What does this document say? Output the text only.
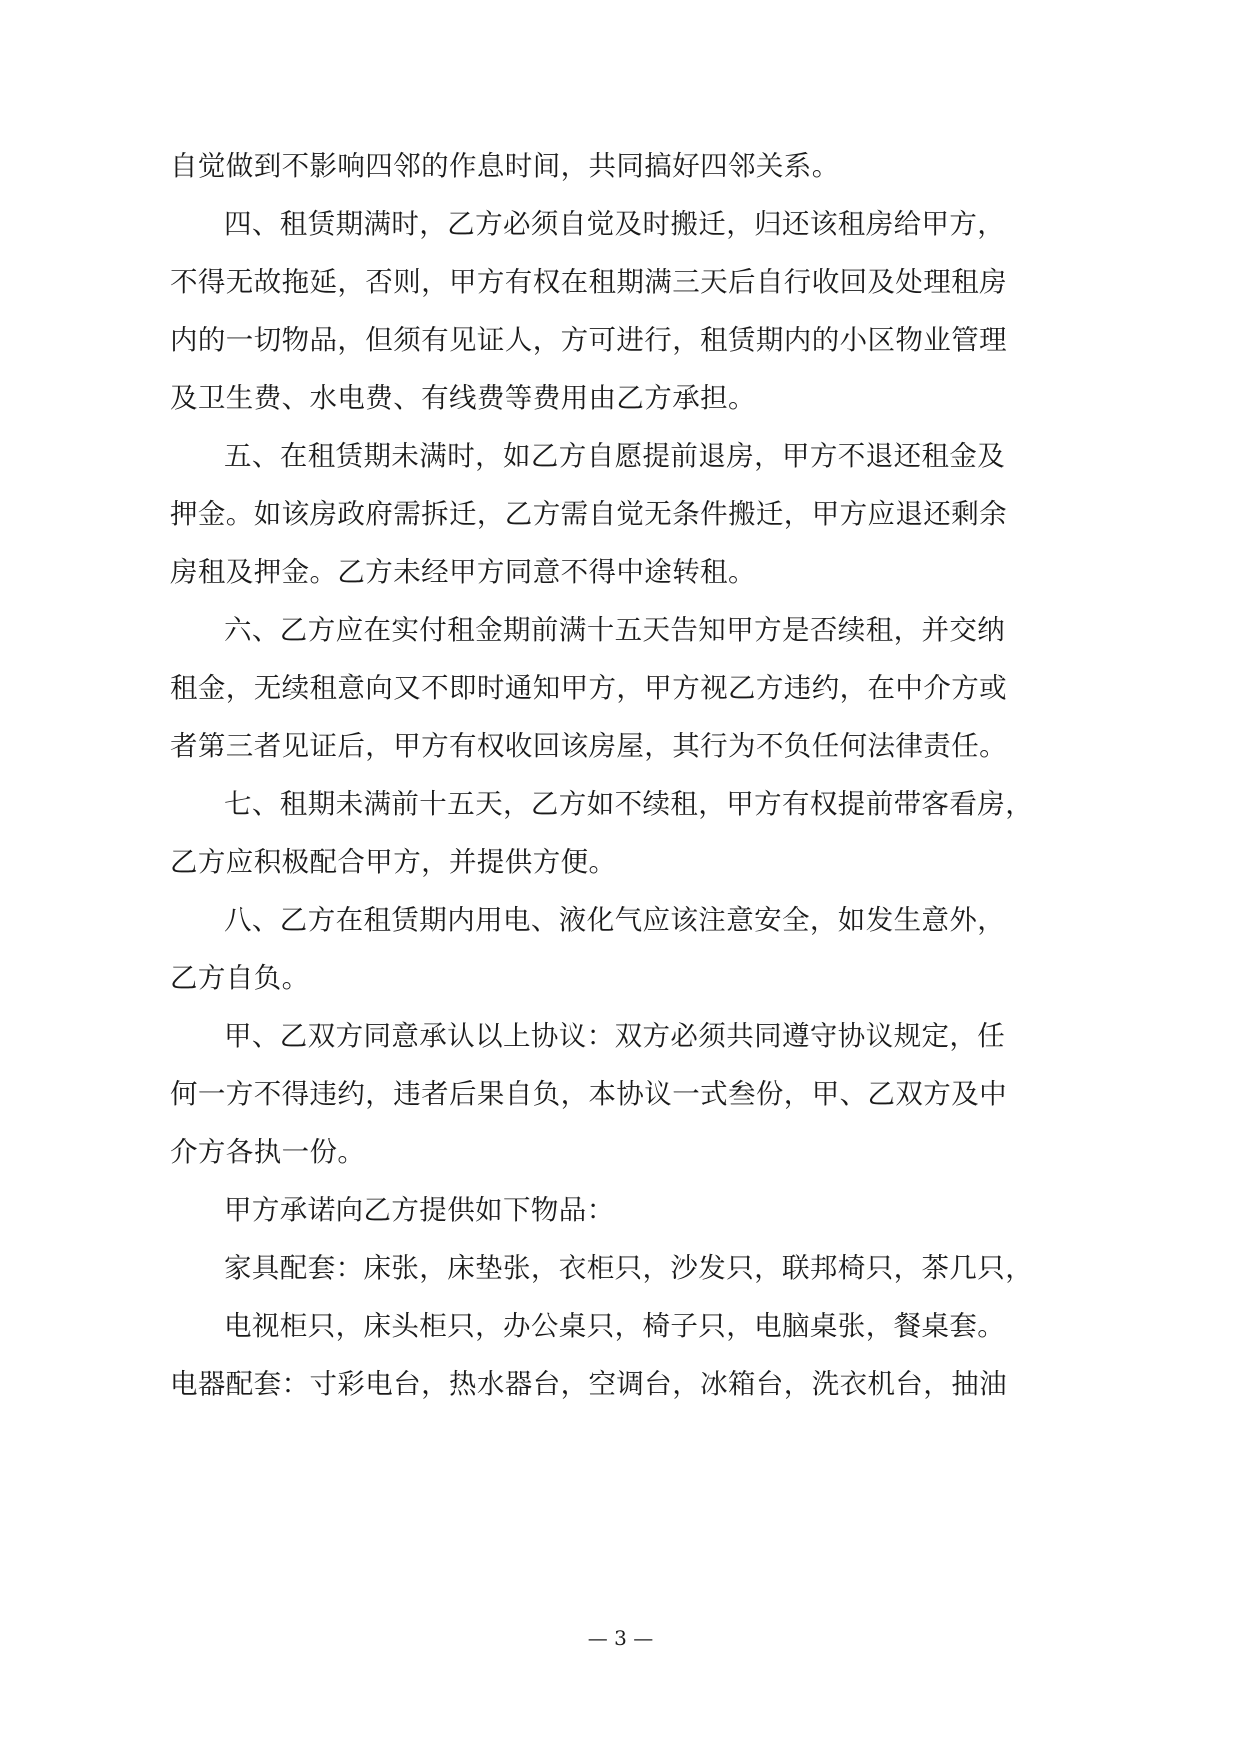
自觉做到不影响四邻的作息时间，共同搞好四邻关系。
四、租赁期满时，乙方必须自觉及时搬迁，归还该租房给甲方，
不得无故拖延，否则，甲方有权在租期满三天后自行收回及处理租房
内的一切物品，但须有见证人，方可进行，租赁期内的小区物业管理
及卫生费、水电费、有线费等费用由乙方承担。
五、在租赁期未满时，如乙方自愿提前退房，甲方不退还租金及
押金。如该房政府需拆迁，乙方需自觉无条件搬迁，甲方应退还剩余
房租及押金。乙方未经甲方同意不得中途转租。
六、乙方应在实付租金期前满十五天告知甲方是否续租，并交纳
租金，无续租意向又不即时通知甲方，甲方视乙方违约，在中介方或
者第三者见证后，甲方有权收回该房屋，其行为不负任何法律责任。
七、租期未满前十五天，乙方如不续租，甲方有权提前带客看房，
乙方应积极配合甲方，并提供方便。
八、乙方在租赁期内用电、液化气应该注意安全，如发生意外，
乙方自负。
甲、乙双方同意承认以上协议：双方必须共同遵守协议规定，任
何一方不得违约，违者后果自负，本协议一式叁份，甲、乙双方及中
介方各执一份。
甲方承诺向乙方提供如下物品：
家具配套：床张，床垫张，衣柜只，沙发只，联邦椅只，茶几只，
电视柜只，床头柜只，办公桌只，椅子只，电脑桌张，餐桌套。
电器配套：寸彩电台，热水器台，空调台，冰箱台，洗衣机台，抽油
— 3 —
